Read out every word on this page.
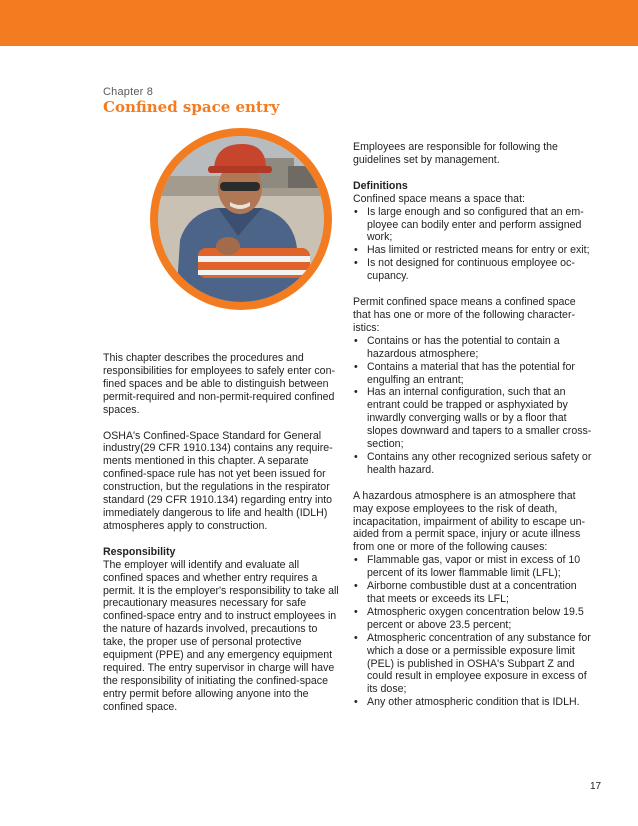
Chapter 8
Confined space entry

This chapter describes the procedures and responsibilities for employees to safely enter con-fined spaces and be able to distinguish between permit-required and non-permit-required confined spaces.

OSHA's Confined-Space Standard for General industry(29 CFR 1910.134) contains any require-ments mentioned in this chapter. A separate confined-space rule has not yet been issued for construction, but the regulations in the respirator standard (29 CFR 1910.134) regarding entry into immediately dangerous to life and health (IDLH) atmospheres apply to construction.

Responsibility

The employer will identify and evaluate all confined spaces and whether entry requires a permit. It is the employer's responsibility to take all precautionary measures necessary for safe confined-space entry and to instruct employees in the nature of hazards involved, precautions to take, the proper use of personal protective equipment (PPE) and any emergency equipment required. The entry supervisor in charge will have the responsibility of initiating the confined-space entry permit before allowing anyone into the confined space.

Employees are responsible for following the guidelines set by management.

Definitions

Confined space means a space that:

• Is large enough and so configured that an em-ployee can bodily enter and perform assigned work;
• Has limited or restricted means for entry or exit;
• Is not designed for continuous employee oc-cupancy.

Permit confined space means a confined space that has one or more of the following character-istics:

• Contains or has the potential to contain a hazardous atmosphere;
• Contains a material that has the potential for engulfing an entrant;
• Has an internal configuration, such that an entrant could be trapped or asphyxiated by inwardly converging walls or by a floor that slopes downward and tapers to a smaller cross-section;
• Contains any other recognized serious safety or health hazard.

A hazardous atmosphere is an atmosphere that may expose employees to the risk of death, incapacitation, impairment of ability to escape un-aided from a permit space, injury or acute illness from one or more of the following causes:

• Flammable gas, vapor or mist in excess of 10 percent of its lower flammable limit (LFL);
• Airborne combustible dust at a concentration that meets or exceeds its LFL;
• Atmospheric oxygen concentration below 19.5 percent or above 23.5 percent;
• Atmospheric concentration of any substance for which a dose or a permissible exposure limit (PEL) is published in OSHA's Subpart Z and could result in employee exposure in excess of its dose;
• Any other atmospheric condition that is IDLH.
17
